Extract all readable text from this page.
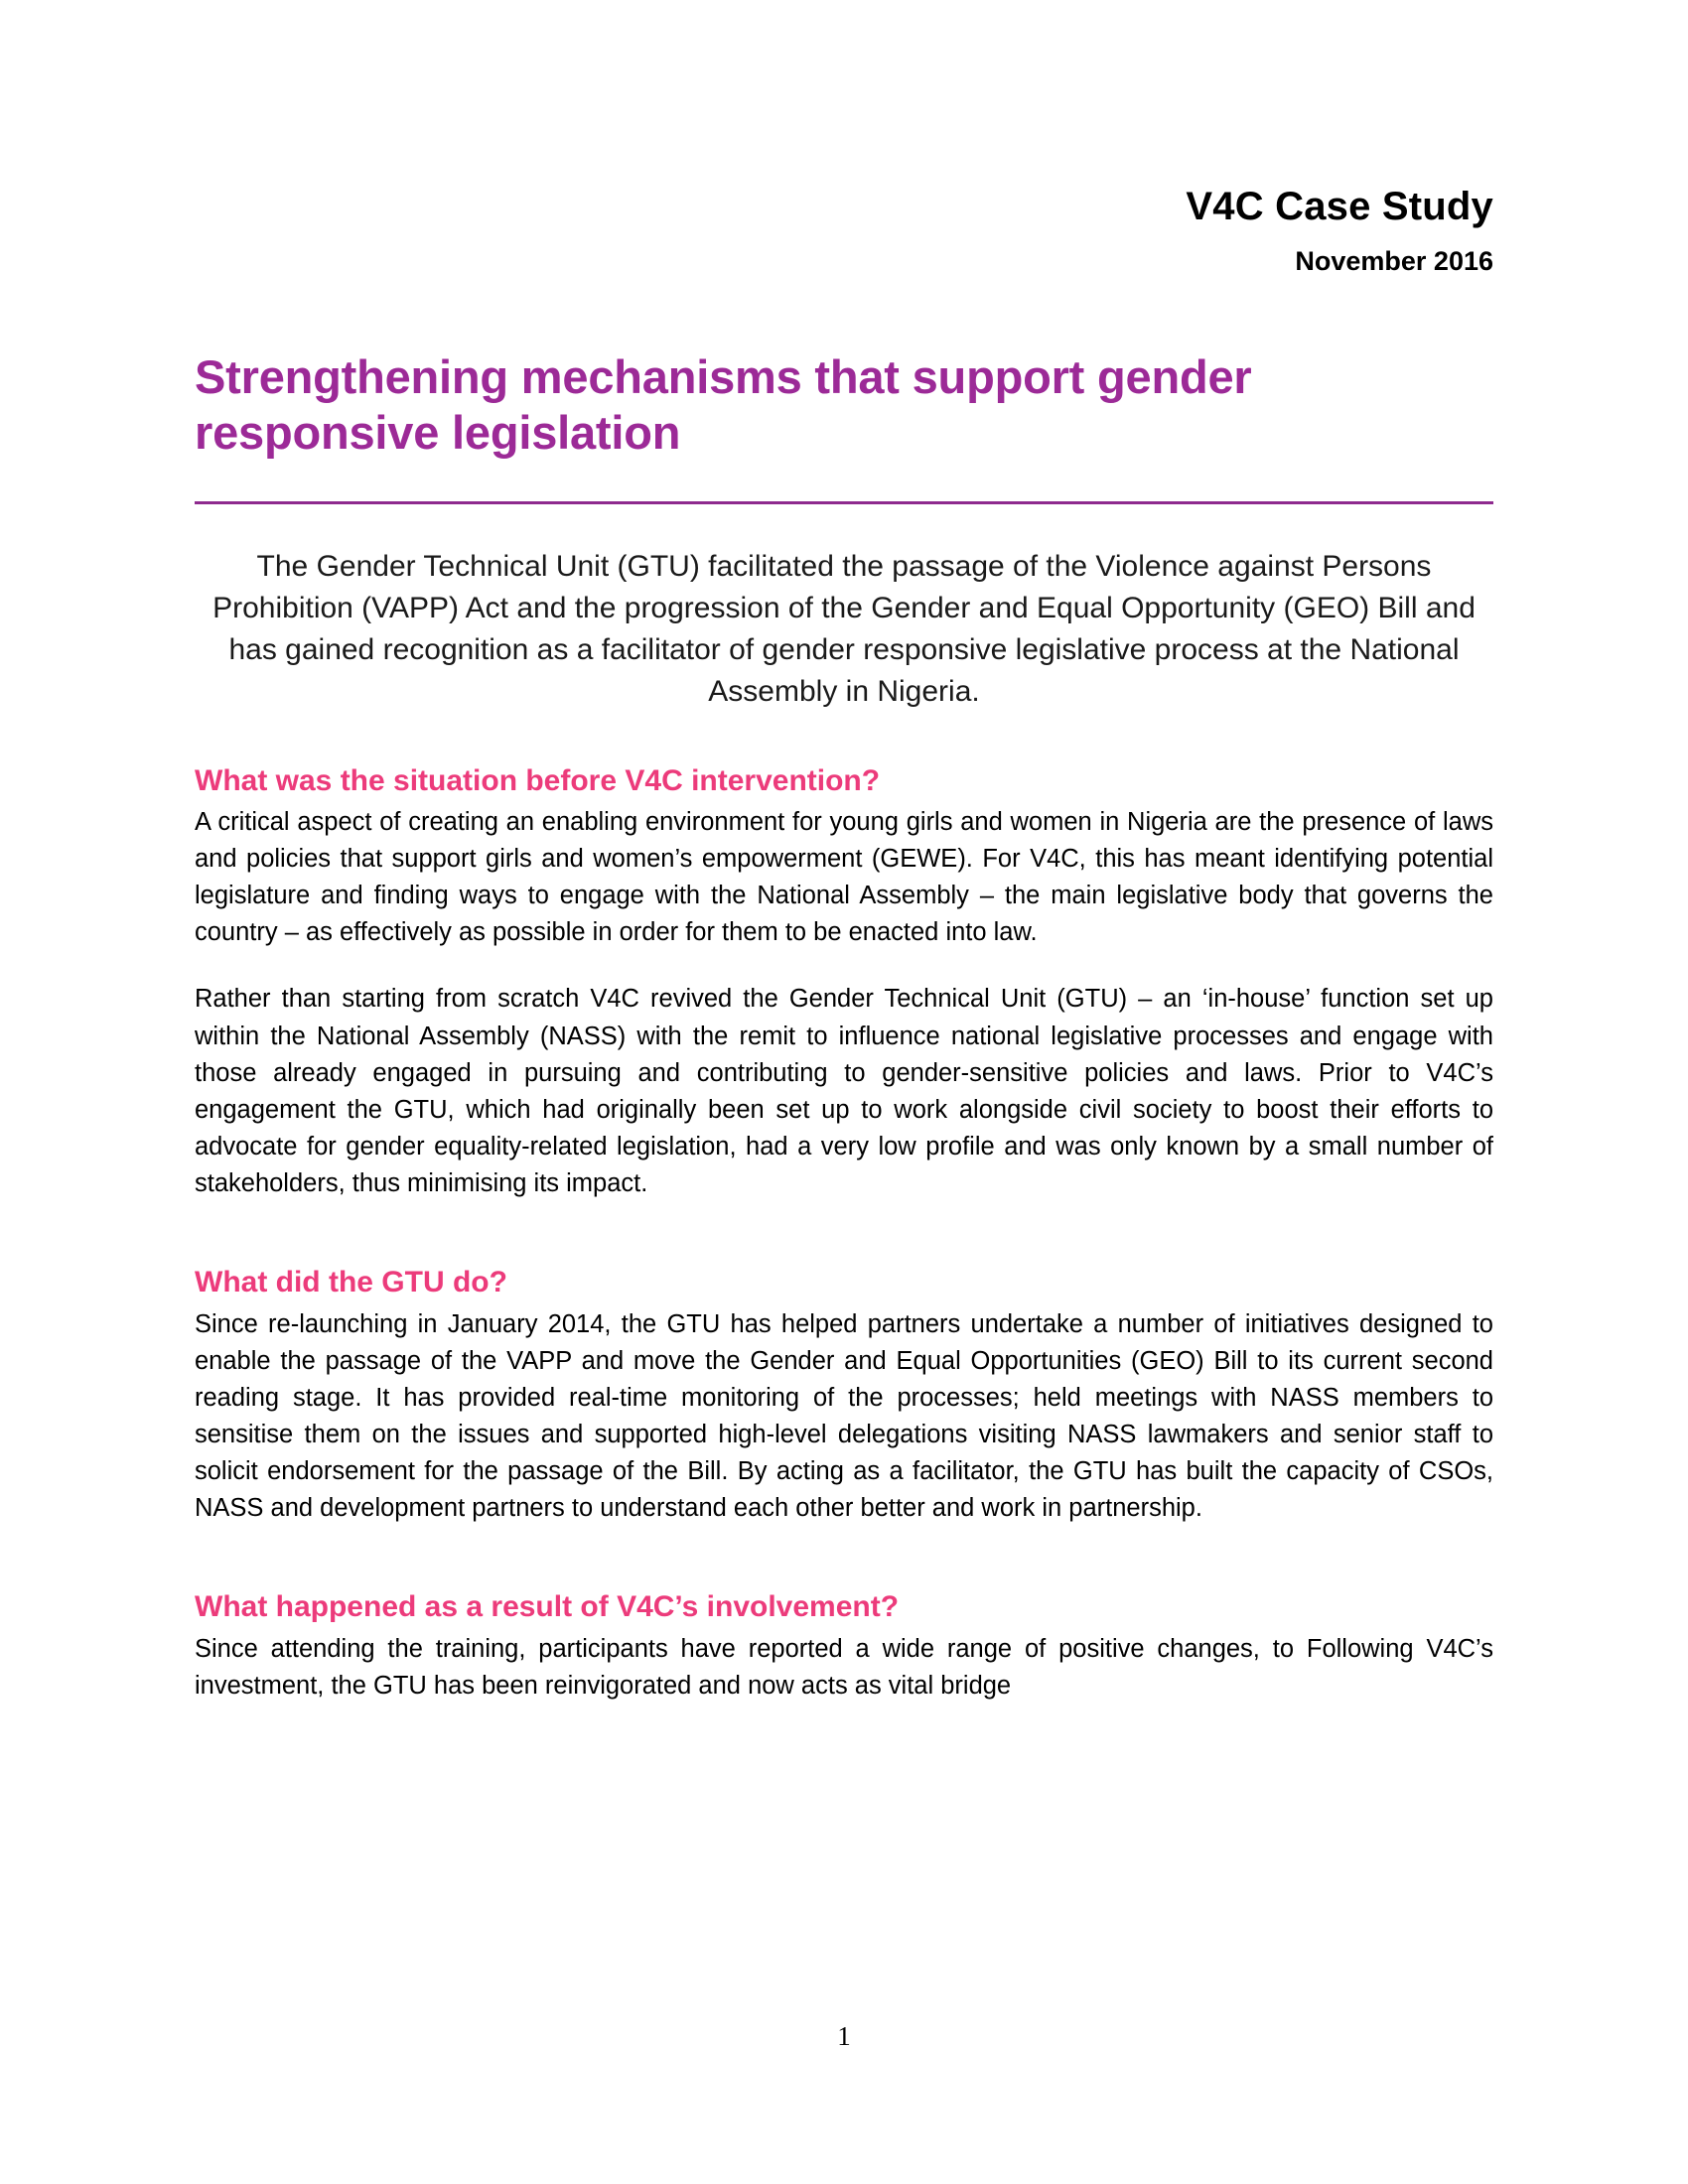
V4C Case Study
November 2016
Strengthening mechanisms that support gender responsive legislation

The Gender Technical Unit (GTU) facilitated the passage of the Violence against Persons Prohibition (VAPP) Act and the progression of the Gender and Equal Opportunity (GEO) Bill and has gained recognition as a facilitator of gender responsive legislative process at the National Assembly in Nigeria.

What was the situation before V4C intervention?

A critical aspect of creating an enabling environment for young girls and women in Nigeria are the presence of laws and policies that support girls and women’s empowerment (GEWE). For V4C, this has meant identifying potential legislature and finding ways to engage with the National Assembly – the main legislative body that governs the country – as effectively as possible in order for them to be enacted into law.

Rather than starting from scratch V4C revived the Gender Technical Unit (GTU) – an ‘in-house’ function set up within the National Assembly (NASS) with the remit to influence national legislative processes and engage with those already engaged in pursuing and contributing to gender-sensitive policies and laws. Prior to V4C’s engagement the GTU, which had originally been set up to work alongside civil society to boost their efforts to advocate for gender equality-related legislation, had a very low profile and was only known by a small number of stakeholders, thus minimising its impact.

What did the GTU do?

Since re-launching in January 2014, the GTU has helped partners undertake a number of initiatives designed to enable the passage of the VAPP and move the Gender and Equal Opportunities (GEO) Bill to its current second reading stage. It has provided real-time monitoring of the processes; held meetings with NASS members to sensitise them on the issues and supported high-level delegations visiting NASS lawmakers and senior staff to solicit endorsement for the passage of the Bill. By acting as a facilitator, the GTU has built the capacity of CSOs, NASS and development partners to understand each other better and work in partnership.

What happened as a result of V4C’s involvement?

Since attending the training, participants have reported a wide range of positive changes, to Following V4C’s investment, the GTU has been reinvigorated and now acts as vital bridge

1
